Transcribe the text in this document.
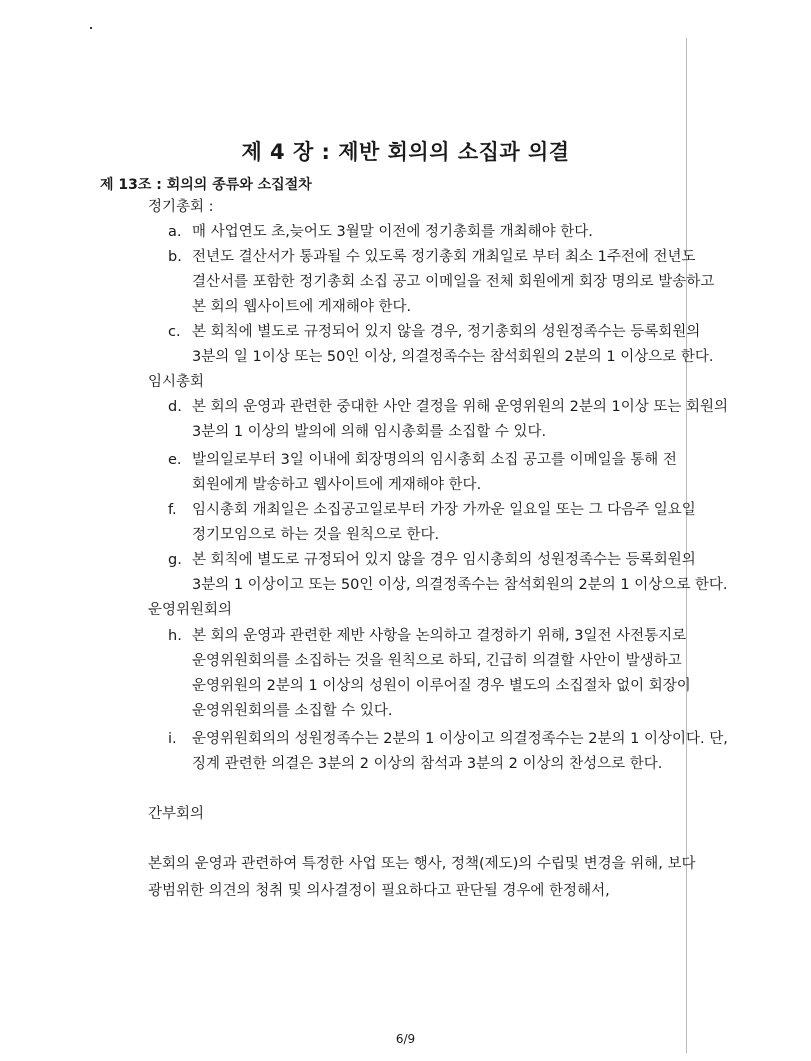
제 4 장 : 제반 회의의 소집과 의결
제 13조 : 회의의 종류와 소집절차
정기총회 :
a. 매 사업연도 초,늦어도 3월말 이전에 정기총회를 개최해야 한다.
b. 전년도 결산서가 통과될 수 있도록 정기총회 개최일로 부터 최소 1주전에 전년도
결산서를 포함한 정기총회 소집 공고 이메일을 전체 회원에게 회장 명의로 발송하고
본 회의 웹사이트에 게재해야 한다.
c. 본 회칙에 별도로 규정되어 있지 않을 경우, 정기총회의 성원정족수는 등록회원의
3분의 일 1이상 또는 50인 이상, 의결정족수는 참석회원의 2분의 1 이상으로 한다.
임시총회
d. 본 회의 운영과 관련한 중대한 사안 결정을 위해 운영위원의 2분의 1이상 또는 회원의
3분의 1 이상의 발의에 의해 임시총회를 소집할 수 있다.
e. 발의일로부터 3일 이내에 회장명의의 임시총회 소집 공고를 이메일을 통해 전
회원에게 발송하고 웹사이트에 게재해야 한다.
f. 임시총회 개최일은 소집공고일로부터 가장 가까운 일요일 또는 그 다음주 일요일
정기모임으로 하는 것을 원칙으로 한다.
g. 본 회칙에 별도로 규정되어 있지 않을 경우 임시총회의 성원정족수는 등록회원의
3분의 1 이상이고 또는 50인 이상, 의결정족수는 참석회원의 2분의 1 이상으로 한다.
운영위원회의
h. 본 회의 운영과 관련한 제반 사항을 논의하고 결정하기 위해, 3일전 사전통지로
운영위원회의를 소집하는 것을 원칙으로 하되, 긴급히 의결할 사안이 발생하고
운영위원의 2분의 1 이상의 성원이 이루어질 경우 별도의 소집절차 없이 회장이
운영위원회의를 소집할 수 있다.
i. 운영위원회의의 성원정족수는 2분의 1 이상이고 의결정족수는 2분의 1 이상이다. 단,
징계 관련한 의결은 3분의 2 이상의 참석과 3분의 2 이상의 찬성으로 한다.
간부회의
본회의 운영과 관련하여 특정한 사업 또는 행사, 정책(제도)의 수립및 변경을 위해, 보다
광범위한 의견의 청취 및 의사결정이 필요하다고 판단될 경우에 한정해서,
6/9
